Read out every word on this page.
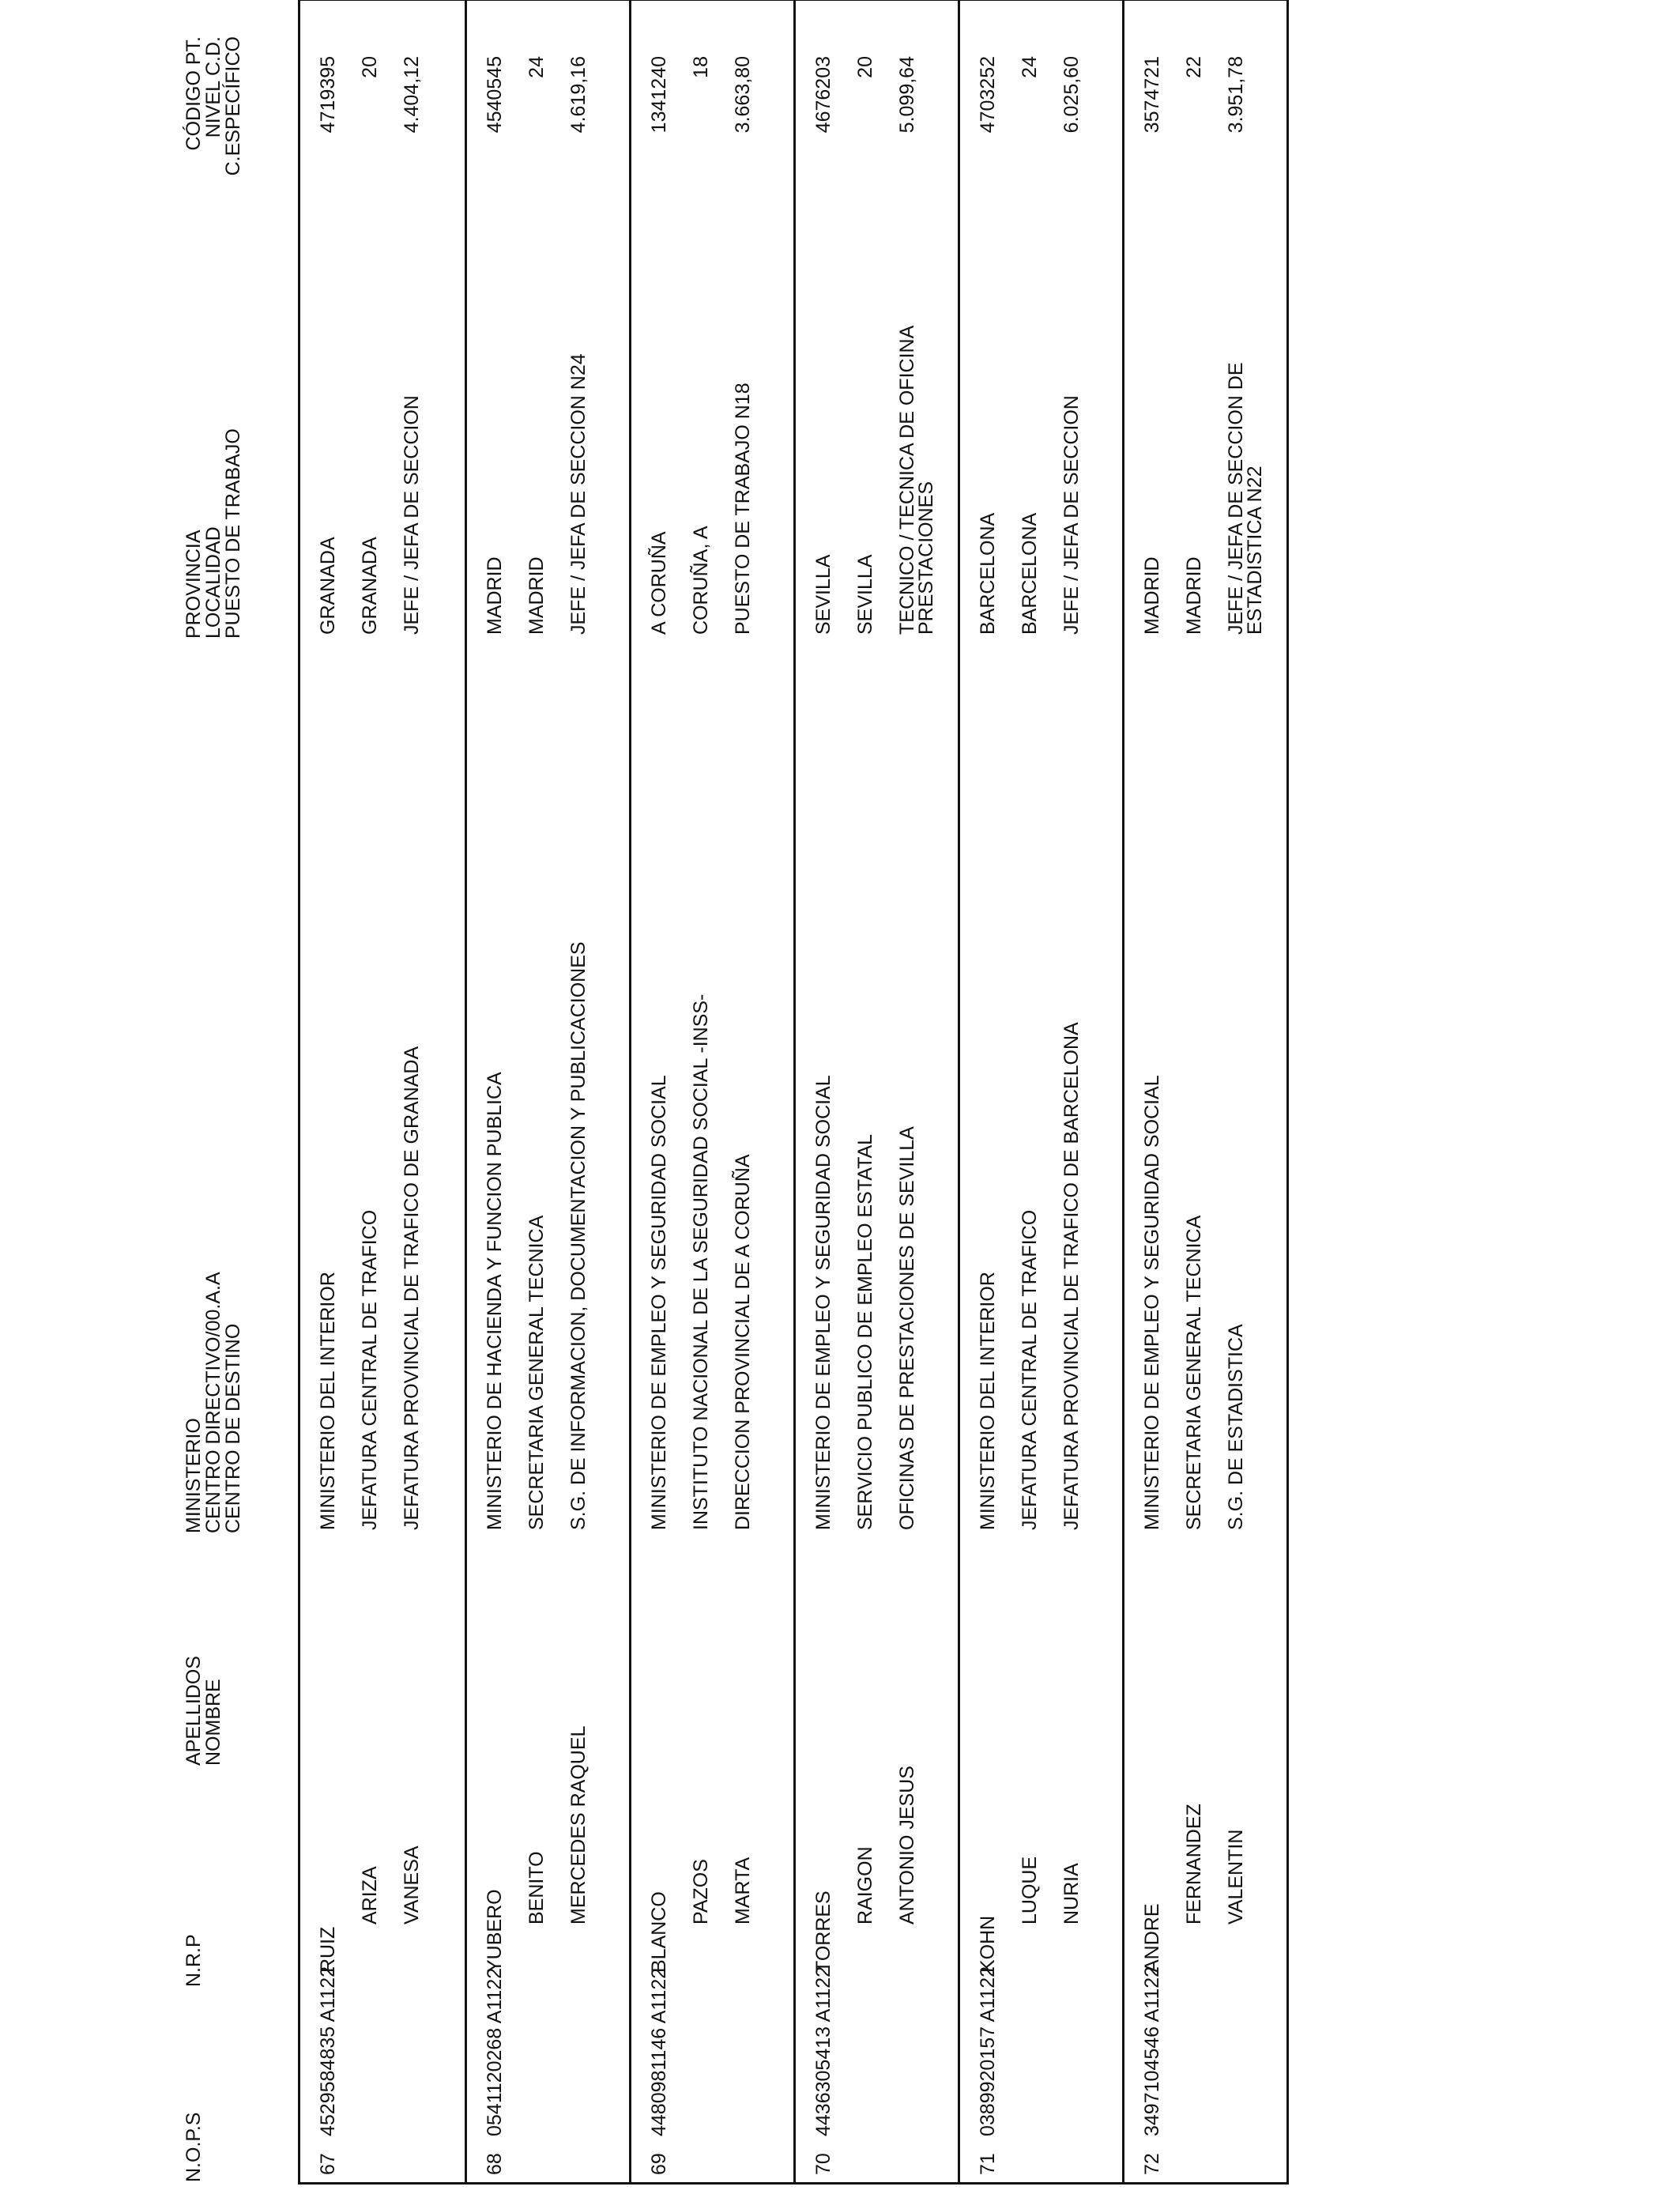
N.O.P.S
N.R.P
APELLIDOS
NOMBRE
MINISTERIO
CENTRO DIRECTIVO/00.A.A
CENTRO DE DESTINO
PROVINCIA
LOCALIDAD
PUESTO DE TRABAJO
CÓDIGO PT.
NIVEL C.D.
C.ESPECÍFICO
67
4529584835 A1122
RUIZ
ARIZA VANESA
MINISTERIO DEL INTERIOR JEFATURA CENTRAL DE TRAFICO JEFATURA PROVINCIAL DE TRAFICO DE GRANADA
GRANADA GRANADA JEFE / JEFA DE SECCION
4719395 20 4.404,12
68
0541120268 A1122
YUBERO
BENITO MERCEDES RAQUEL
MINISTERIO DE HACIENDA Y FUNCION PUBLICA SECRETARIA GENERAL TECNICA S.G. DE INFORMACION, DOCUMENTACION Y PUBLICACIONES
MADRID MADRID JEFE / JEFA DE SECCION N24
4540545 24 4.619,16
69
4480981146 A1122
BLANCO PAZOS MARTA
MINISTERIO DE EMPLEO Y SEGURIDAD SOCIAL INSTITUTO NACIONAL DE LA SEGURIDAD SOCIAL -INSS- DIRECCION PROVINCIAL DE A CORUÑA
A CORUÑA CORUÑA, A PUESTO DE TRABAJO N18
1341240 18 3.663,80
70
4436305413 A1122
TORRES
RAIGON ANTONIO JESUS
MINISTERIO DE EMPLEO Y SEGURIDAD SOCIAL SERVICIO PUBLICO DE EMPLEO ESTATAL OFICINAS DE PRESTACIONES DE SEVILLA
SEVILLA SEVILLA TECNICO / TECNICA DE OFICINA PRESTACIONES
4676203 20 5.099,64
71
0389920157 A1122
KOHN
LUQUE NURIA
MINISTERIO DEL INTERIOR JEFATURA CENTRAL DE TRAFICO JEFATURA PROVINCIAL DE TRAFICO DE BARCELONA
BARCELONA BARCELONA JEFE / JEFA DE SECCION
4703252 24 6.025,60
72
3497104546 A1122
ANDRE
FERNANDEZ VALENTIN
MINISTERIO DE EMPLEO Y SEGURIDAD SOCIAL SECRETARIA GENERAL TECNICA S.G. DE ESTADISTICA
MADRID MADRID JEFE / JEFA DE SECCION DE ESTADISTICA N22
3574721 22 3.951,78
